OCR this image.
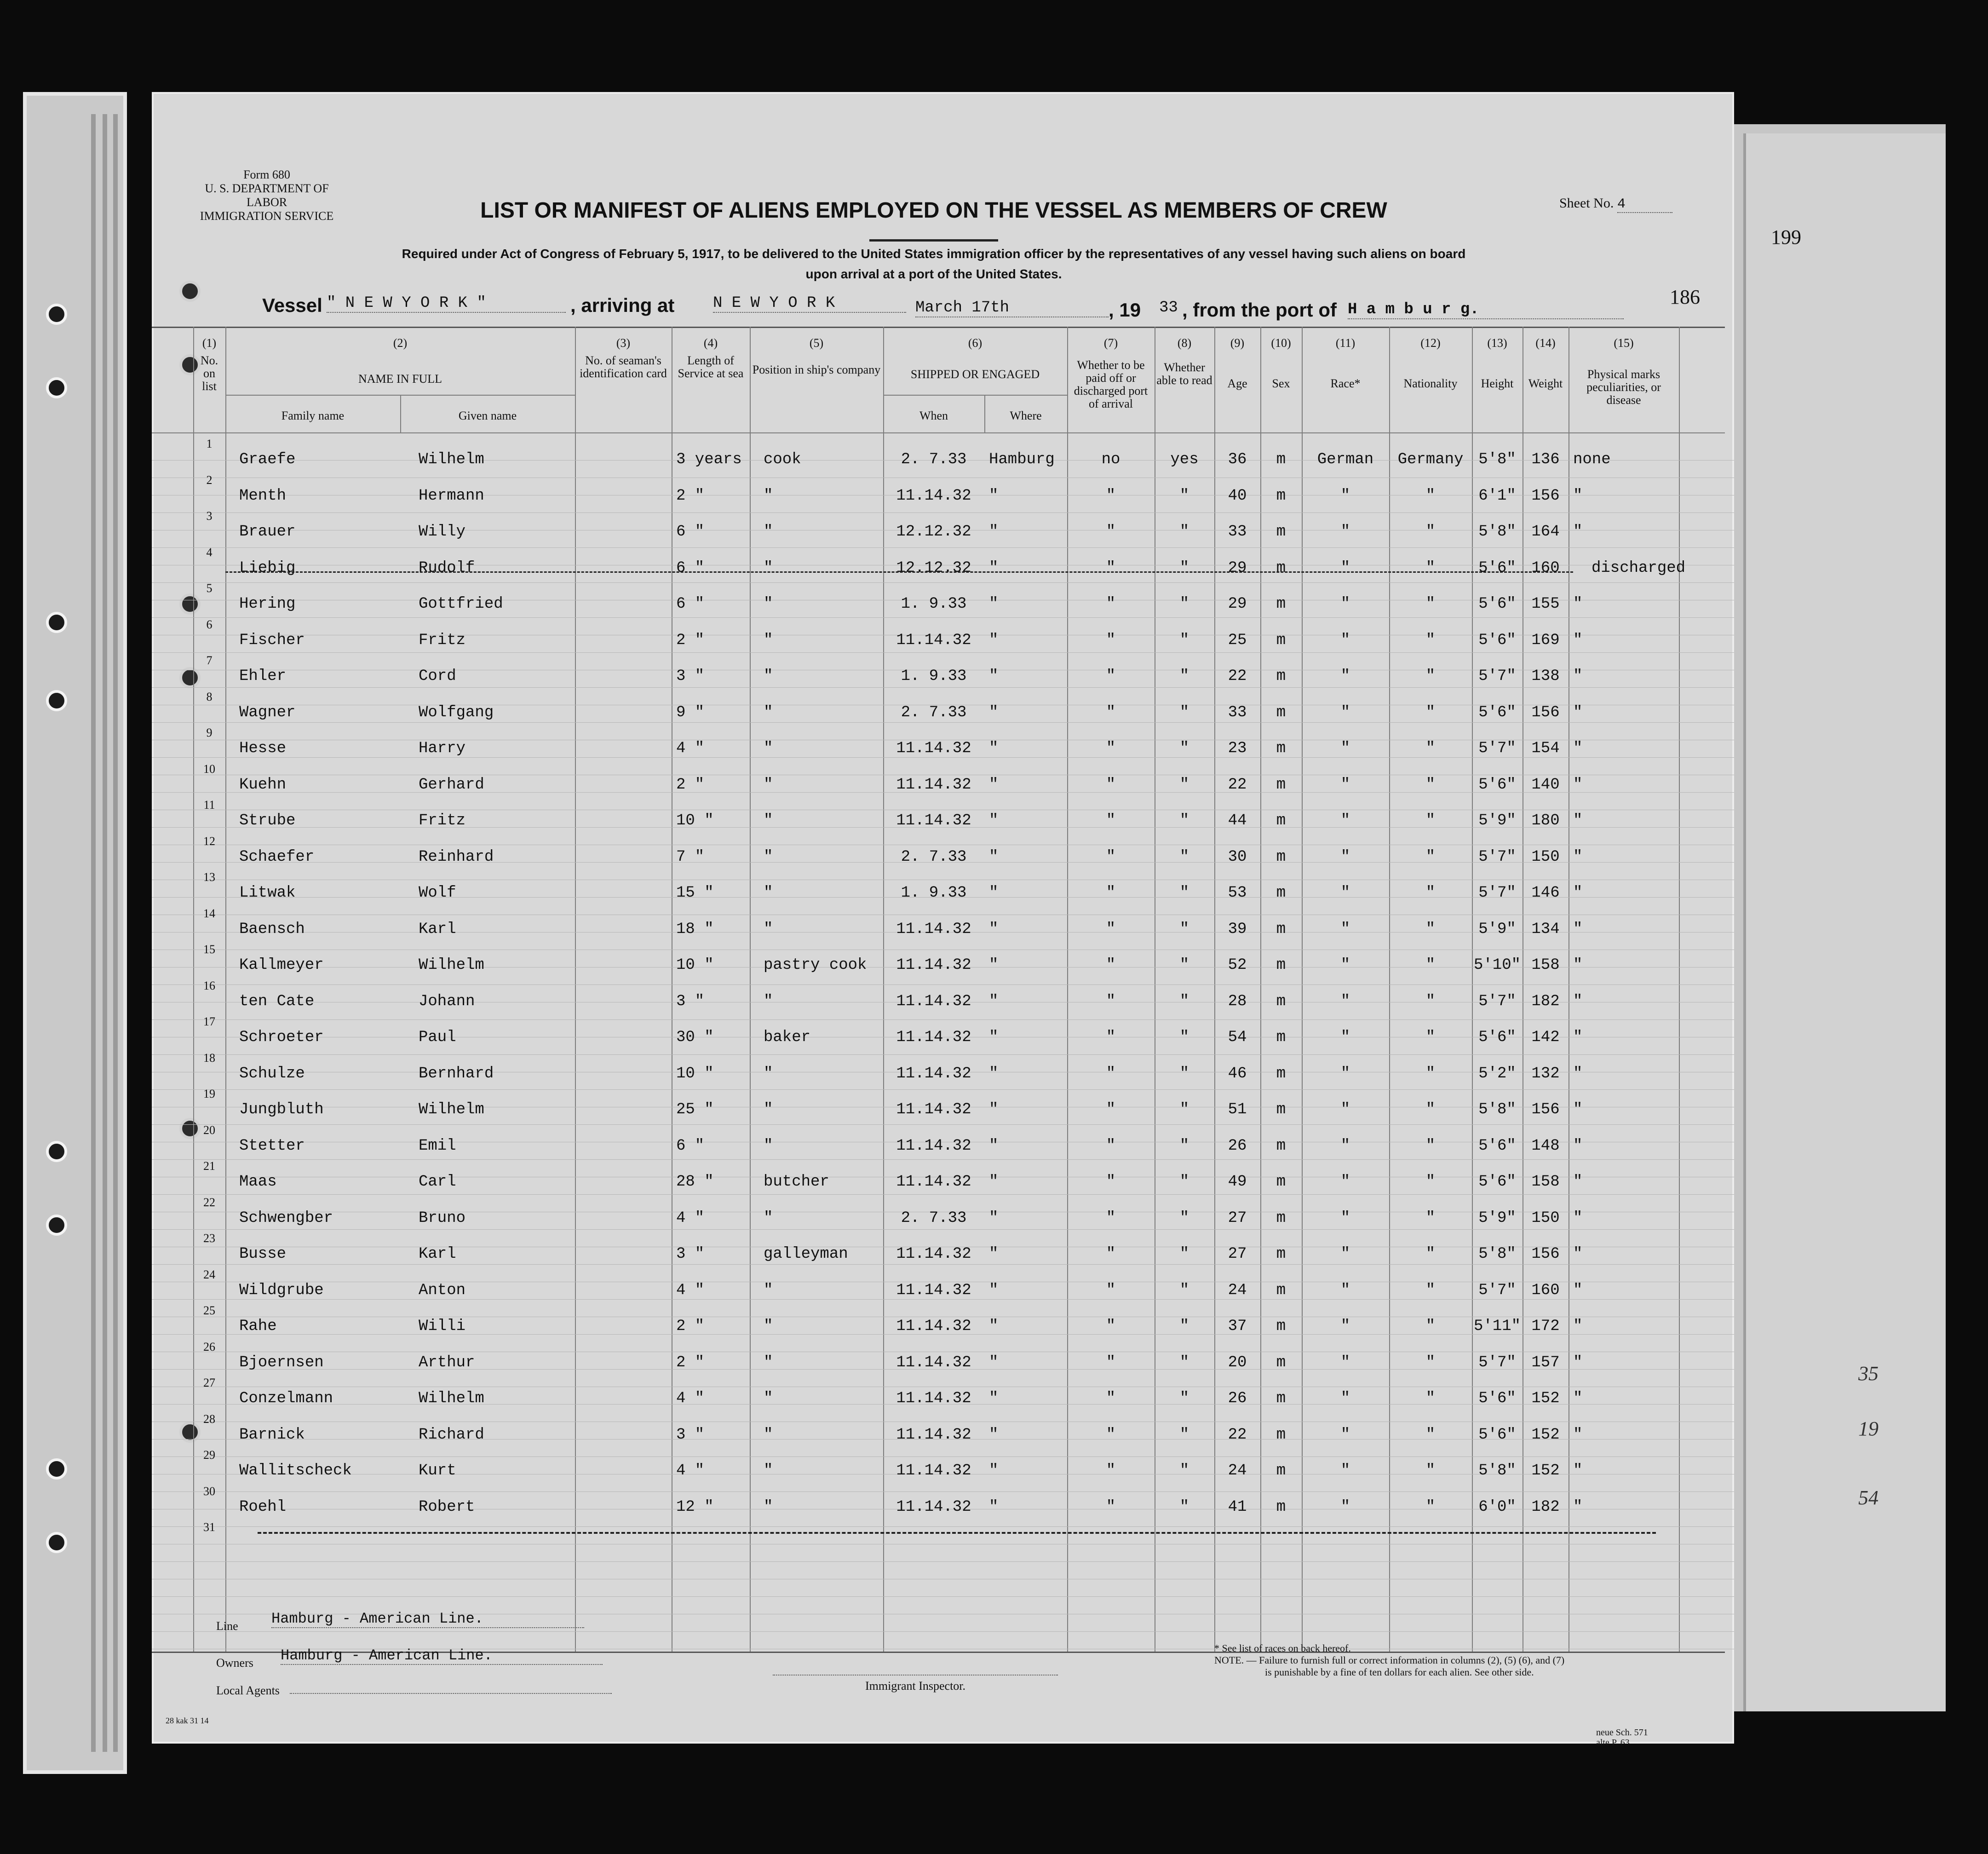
35
19
54
Form 680
U. S. DEPARTMENT OF LABOR
IMMIGRATION SERVICE	LIST OR MANIFEST OF ALIENS EMPLOYED ON THE VESSEL AS MEMBERS OF CREW
Required under Act of Congress of February 5, 1917, to be delivered to the United States immigration officer by the representatives of any vessel having such aliens on board
upon arrival at a port of the United States.
Sheet No. 4
199
186
Vessel " N E W Y O R K "	, arriving at N E W Y O R K	March 17th	, 19 33 , from the port of H a m b u r g.
(1)
No. on list
(2)
NAME IN FULL
Family name	Given name
(3)
No. of seaman's identification card
(4)
Length of Service at sea
(5)
Position in ship's company
(6)
SHIPPED OR ENGAGED
When	Where
(7)
Whether to be paid off or discharged port of arrival
(8)
Whether able to read
(9)
Age
(10)
Sex
(11)
Race*
(12)
Nationality
(13)
Height
(14)
Weight
(15)
Physical marks peculiarities, or disease
1
Graefe	Wilhelm	3 years	cook	2. 7.33	Hamburg	no	yes	36	m	German	Germany 5'8" 136 none
2
Menth	Hermann	2 "	"	11.14.32	"	"	"	40	m	"	"	6'1" 156 "
3
Brauer	Willy	6 "	"	12.12.32	"	"	"	33	m	"	"	5'8" 164 "
4
Liebig	Rudolf	6 "	"	12.12.32	"	"	"	29	m	"	"	5'6" 160	discharged
5
Hering	Gottfried	6 "	"	1. 9.33	"	"	"	29	m	"	"	5'6" 155 "
6
Fischer	Fritz	2 "	"	11.14.32	"	"	"	25	m	"	"	5'6" 169 "
7
Ehler	Cord	3 "	"	1. 9.33	"	"	"	22	m	"	"	5'7" 138 "
8
Wagner	Wolfgang	9 "	"	2. 7.33	"	"	"	33	m	"	"	5'6" 156 "
9
Hesse	Harry	4 "	"	11.14.32	"	"	"	23	m	"	"	5'7" 154 "
10
Kuehn	Gerhard	2 "	"	11.14.32	"	"	"	22	m	"	"	5'6" 140 "
11
Strube	Fritz	10 "	"	11.14.32	"	"	"	44	m	"	"	5'9" 180 "
12
Schaefer	Reinhard	7 "	"	2. 7.33	"	"	"	30	m	"	"	5'7" 150 "
13
Litwak	Wolf	15 "	"	1. 9.33	"	"	"	53	m	"	"	5'7" 146 "
14
Baensch	Karl	18 "	"	11.14.32	"	"	"	39	m	"	"	5'9" 134 "
15
Kallmeyer	Wilhelm	10 "	pastry cook	11.14.32	"	"	"	52	m	"	"	5'10" 158 "
16
ten Cate	Johann	3 "	"	11.14.32	"	"	"	28	m	"	"	5'7" 182 "
17
Schroeter	Paul	30 "	baker	11.14.32	"	"	"	54	m	"	"	5'6" 142 "
18
Schulze	Bernhard	10 "	"	11.14.32	"	"	"	46	m	"	"	5'2" 132 "
19
Jungbluth	Wilhelm	25 "	"	11.14.32	"	"	"	51	m	"	"	5'8" 156 "
20
Stetter	Emil	6 "	"	11.14.32	"	"	"	26	m	"	"	5'6" 148 "
21
Maas	Carl	28 "	butcher	11.14.32	"	"	"	49	m	"	"	5'6" 158 "
22
Schwengber	Bruno	4 "	"	2. 7.33	"	"	"	27	m	"	"	5'9" 150 "
23
Busse	Karl	3 "	galleyman	11.14.32	"	"	"	27	m	"	"	5'8" 156 "
24
Wildgrube	Anton	4 "	"	11.14.32	"	"	"	24	m	"	"	5'7" 160 "
25
Rahe	Willi	2 "	"	11.14.32	"	"	"	37	m	"	"	5'11" 172 "
26
Bjoernsen	Arthur	2 "	"	11.14.32	"	"	"	20	m	"	"	5'7" 157 "
27
Conzelmann	Wilhelm	4 "	"	11.14.32	"	"	"	26	m	"	"	5'6" 152 "
28
Barnick	Richard	3 "	"	11.14.32	"	"	"	22	m	"	"	5'6" 152 "
29
Wallitscheck	Kurt	4 "	"	11.14.32	"	"	"	24	m	"	"	5'8" 152 "
30
Roehl	Robert	12 "	"	11.14.32	"	"	"	41	m	"	"	6'0" 182 "
31
Line Hamburg - American Line.
Owners Hamburg - American Line.
Local Agents	Immigrant Inspector.
* See list of races on back hereof.
NOTE. — Failure to furnish full or correct information in columns (2), (5) (6), and (7)
is punishable by a fine of ten dollars for each alien. See other side.
28 kak 31 14
neue Sch. 571
alte P. 63
